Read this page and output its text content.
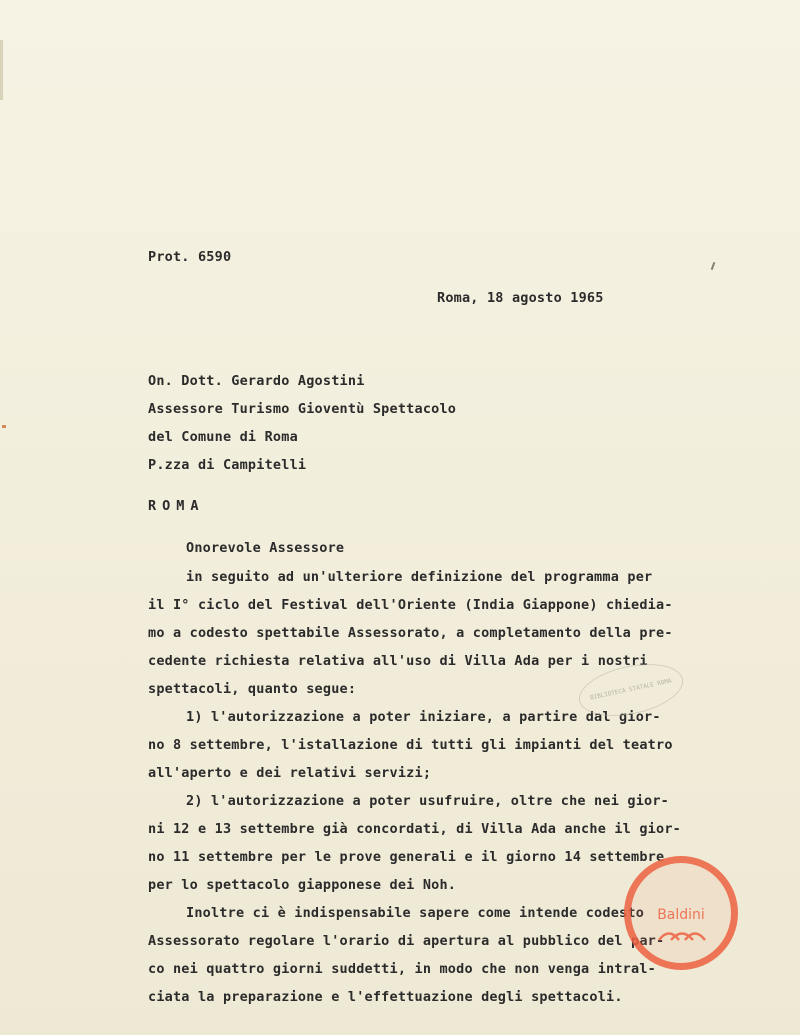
Prot. 6590
Roma, 18 agosto 1965
On. Dott. Gerardo Agostini
Assessore Turismo Gioventù Spettacolo
del Comune di Roma
P.zza di Campitelli
ROMA
Onorevole Assessore
in seguito ad un'ulteriore definizione del programma per
il I° ciclo del Festival dell'Oriente (India Giappone) chiedia-
mo a codesto spettabile Assessorato, a completamento della pre-
cedente richiesta relativa all'uso di Villa Ada per i nostri
spettacoli, quanto segue:
1) l'autorizzazione a poter iniziare, a partire dal gior-
no 8 settembre, l'istallazione di tutti gli impianti del teatro
all'aperto e dei relativi servizi;
2) l'autorizzazione a poter usufruire, oltre che nei gior-
ni 12 e 13 settembre già concordati, di Villa Ada anche il gior-
no 11 settembre per le prove generali e il giorno 14 settembre
per lo spettacolo giapponese dei Noh.
Inoltre ci è indispensabile sapere come intende codesto
Assessorato regolare l'orario di apertura al pubblico del par-
co nei quattro giorni suddetti, in modo che non venga intral-
ciata la preparazione e l'effettuazione degli spettacoli.
BIBLIOTECA STATALE ROMA
Baldini
